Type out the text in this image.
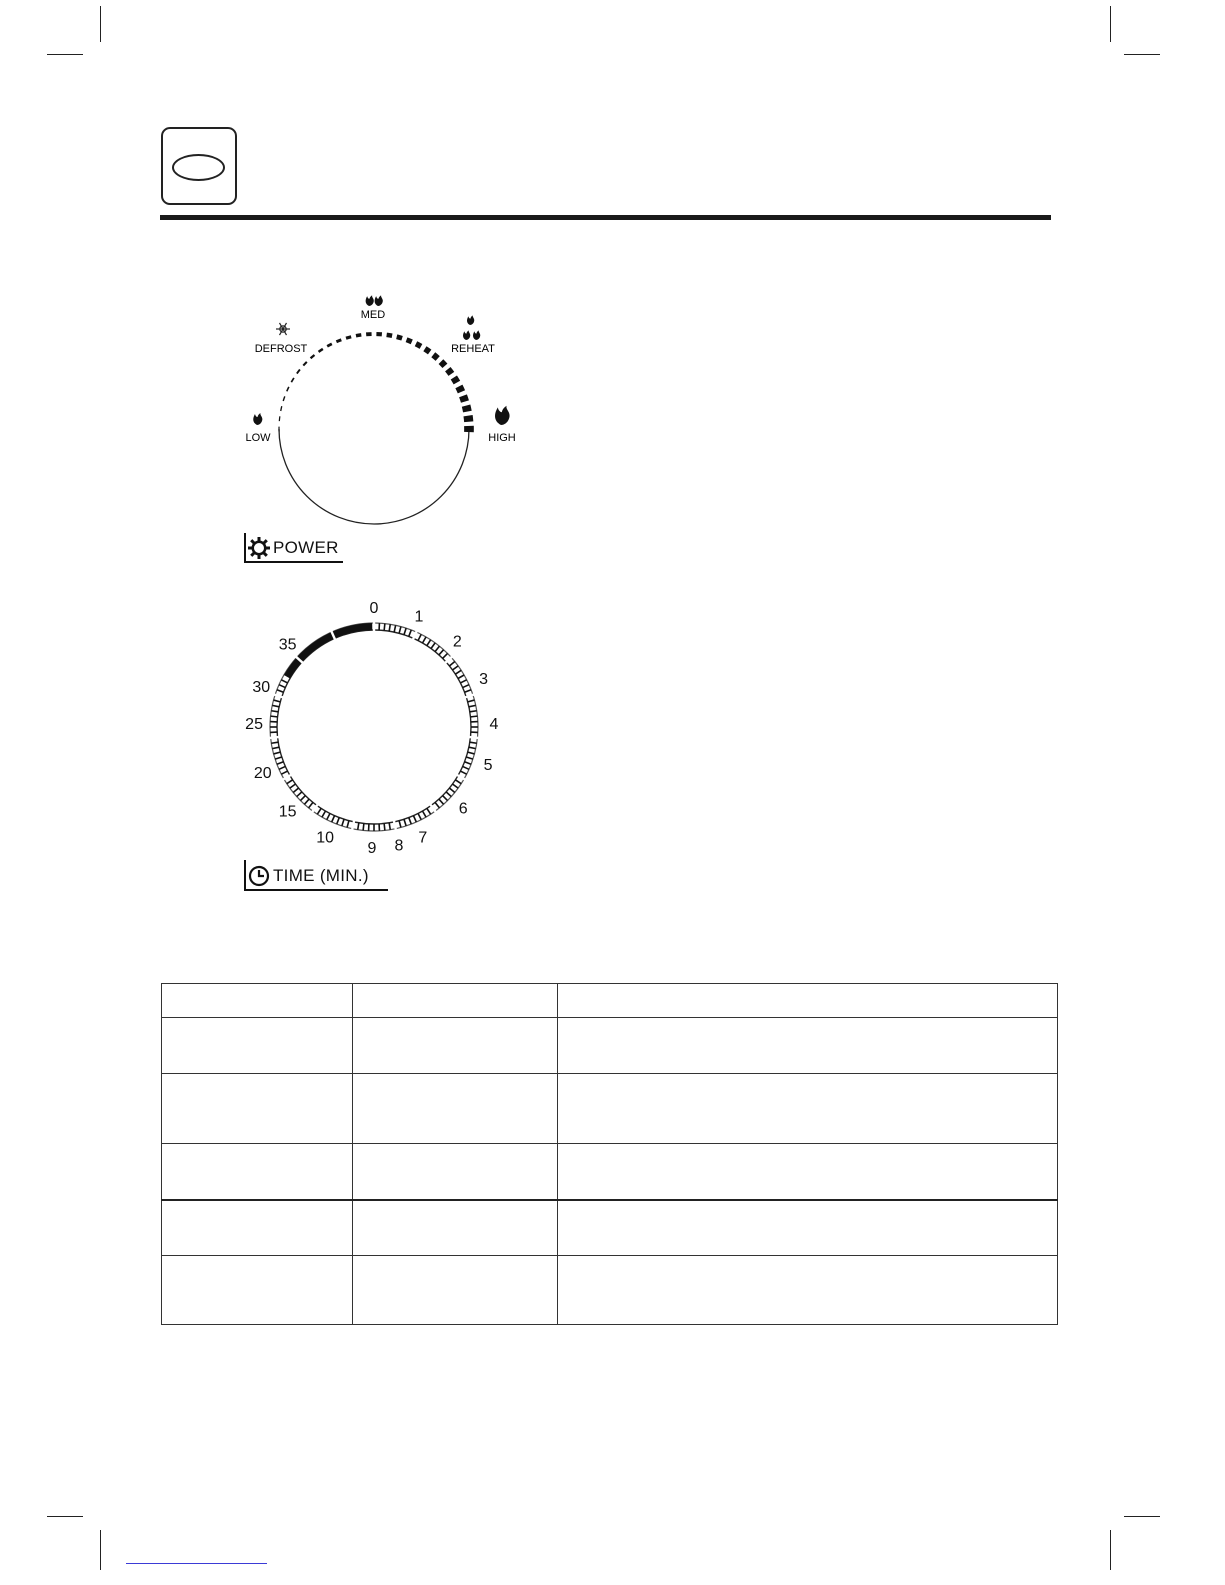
LOW
DEFROST
MED
REHEAT
HIGH
POWER
0
1
2
3
4
5
6
7
8
9
10
15
20
25
30
35
TIME (MIN.)
